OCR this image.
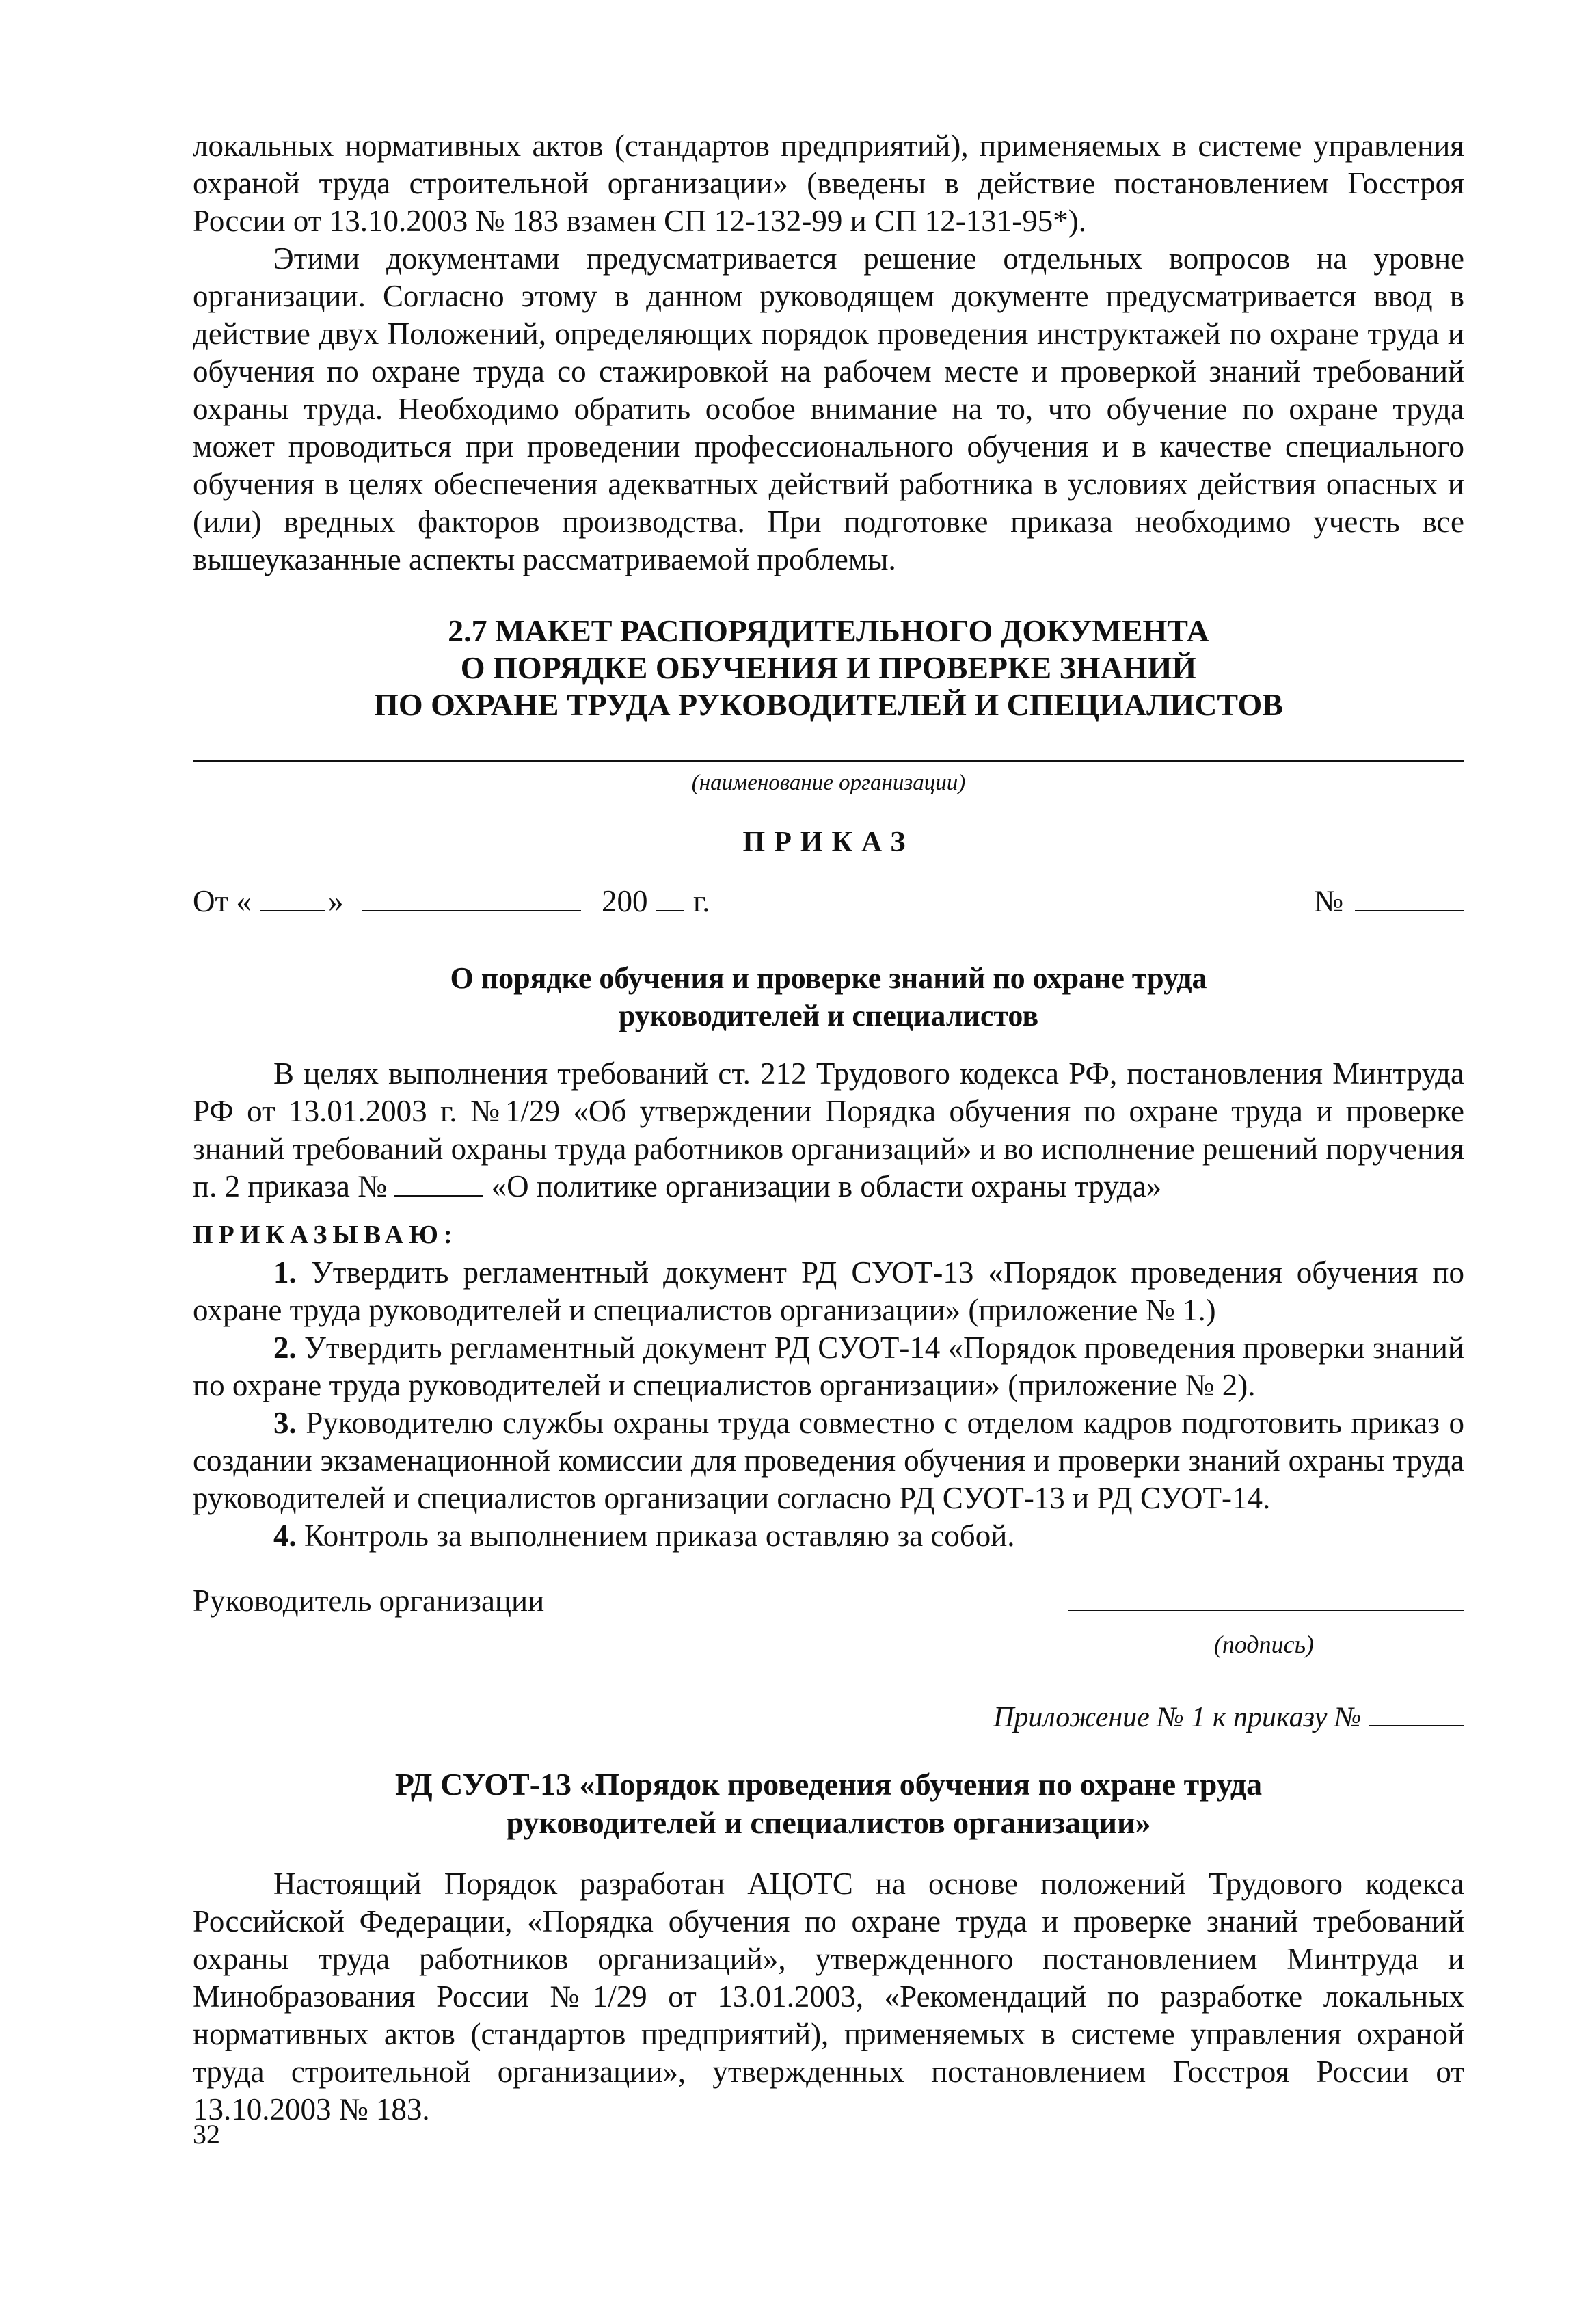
локальных нормативных актов (стандартов предприятий), применяемых в системе управления охраной труда строительной организации» (введены в действие постановлением Госстроя России от 13.10.2003 № 183 взамен СП 12-132-99 и СП 12-131-95*).

Этими документами предусматривается решение отдельных вопросов на уровне организации. Согласно этому в данном руководящем документе предусматривается ввод в действие двух Положений, определяющих порядок проведения инструктажей по охране труда и обучения по охране труда со стажировкой на рабочем месте и проверкой знаний требований охраны труда. Необходимо обратить особое внимание на то, что обучение по охране труда может проводиться при проведении профессионального обучения и в качестве специального обучения в целях обеспечения адекватных действий работника в условиях действия опасных и (или) вредных факторов производства. При подготовке приказа необходимо учесть все вышеуказанные аспекты рассматриваемой проблемы.

2.7 МАКЕТ РАСПОРЯДИТЕЛЬНОГО ДОКУМЕНТА
О ПОРЯДКЕ ОБУЧЕНИЯ И ПРОВЕРКЕ ЗНАНИЙ
ПО ОХРАНЕ ТРУДА РУКОВОДИТЕЛЕЙ И СПЕЦИАЛИСТОВ
(наименование организации)
ПРИКАЗ
От « »	200 г.	№
О порядке обучения и проверке знаний по охране труда
руководителей и специалистов

В целях выполнения требований ст. 212 Трудового кодекса РФ, постановления Минтруда РФ от 13.01.2003 г. №1/29 «Об утверждении Порядка обучения по охране труда и проверке знаний требований охраны труда работников организаций» и во исполнение решений поручения п. 2 приказа №	«О политике организации в области охраны труда»

ПРИКАЗЫВАЮ:

1. Утвердить регламентный документ РД СУОТ-13 «Порядок проведения обучения по охране труда руководителей и специалистов организации» (приложение № 1.)

2. Утвердить регламентный документ РД СУОТ-14 «Порядок проведения проверки знаний по охране труда руководителей и специалистов организации» (приложение № 2).

3. Руководителю службы охраны труда совместно с отделом кадров подготовить приказ о создании экзаменационной комиссии для проведения обучения и проверки знаний охраны труда руководителей и специалистов организации согласно РД СУОТ-13 и РД СУОТ-14.

4. Контроль за выполнением приказа оставляю за собой.

Руководитель организации
(подпись)
Приложение № 1 к приказу №
РД СУОТ-13 «Порядок проведения обучения по охране труда
руководителей и специалистов организации»

Настоящий Порядок разработан АЦОТС на основе положений Трудового кодекса Российской Федерации, «Порядка обучения по охране труда и проверке знаний требований охраны труда работников организаций», утвержденного постановлением Минтруда и Минобразования России №1/29 от 13.01.2003, «Рекомендаций по разработке локальных нормативных актов (стандартов предприятий), применяемых в системе управления охраной труда строительной организации», утвержденных постановлением Госстроя России от 13.10.2003 № 183.

32
